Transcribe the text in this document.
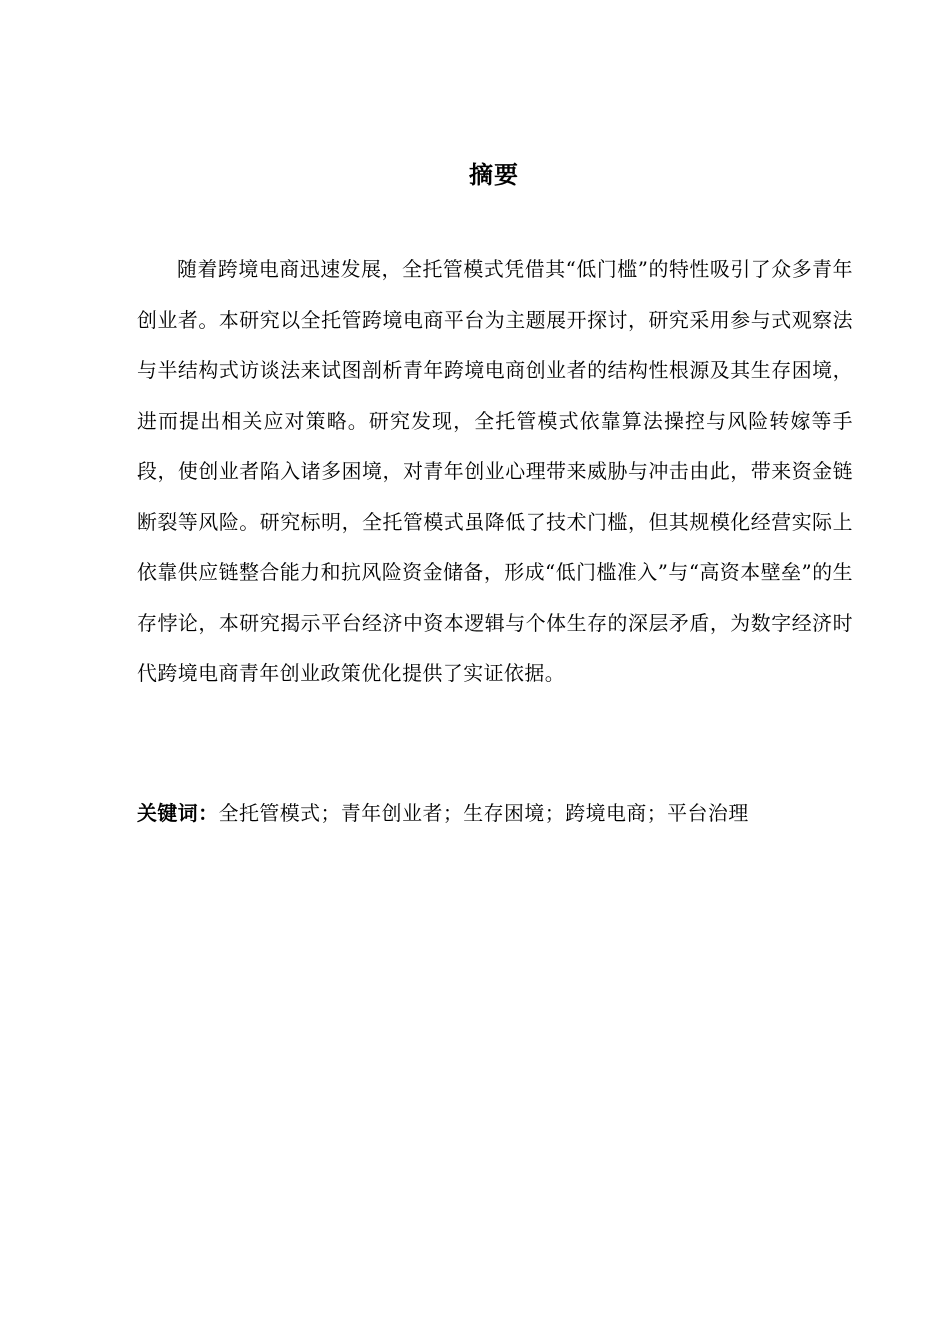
摘要

随着跨境电商迅速发展，全托管模式凭借其“低门槛”的特性吸引了众多青年创业者。本研究以全托管跨境电商平台为主题展开探讨，研究采用参与式观察法与半结构式访谈法来试图剖析青年跨境电商创业者的结构性根源及其生存困境，进而提出相关应对策略。研究发现，全托管模式依靠算法操控与风险转嫁等手段，使创业者陷入诸多困境，对青年创业心理带来威胁与冲击由此，带来资金链断裂等风险。研究标明，全托管模式虽降低了技术门槛，但其规模化经营实际上依靠供应链整合能力和抗风险资金储备，形成“低门槛准入”与“高资本壁垒”的生存悖论，本研究揭示平台经济中资本逻辑与个体生存的深层矛盾，为数字经济时代跨境电商青年创业政策优化提供了实证依据。

关键词：全托管模式；青年创业者；生存困境；跨境电商；平台治理
